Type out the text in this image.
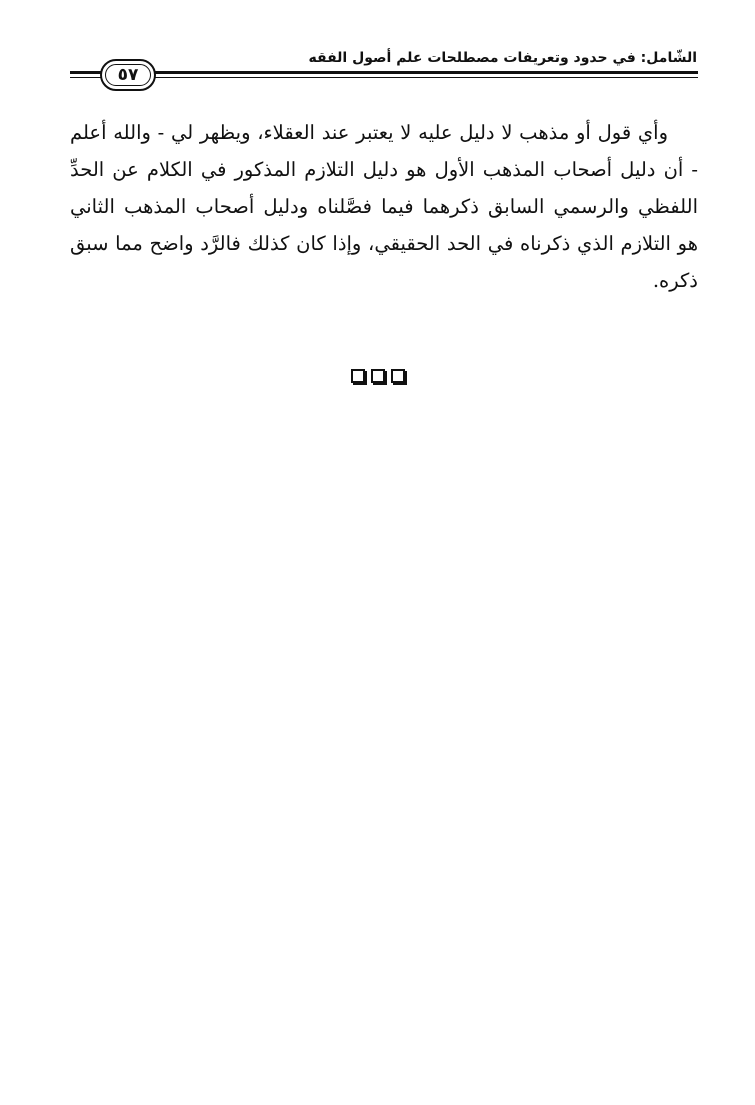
الشّامل: في حدود وتعريفات مصطلحات علم أصول الفقه
٥٧

وأي قول أو مذهب لا دليل عليه لا يعتبر عند العقلاء، ويظهر لي - والله أعلم - أن دليل أصحاب المذهب الأول هو دليل التلازم المذكور في الكلام عن الحدِّ اللفظي والرسمي السابق ذكرهما فيما فصَّلناه ودليل أصحاب المذهب الثاني هو التلازم الذي ذكرناه في الحد الحقيقي، وإذا كان كذلك فالرَّد واضح مما سبق ذكره.
